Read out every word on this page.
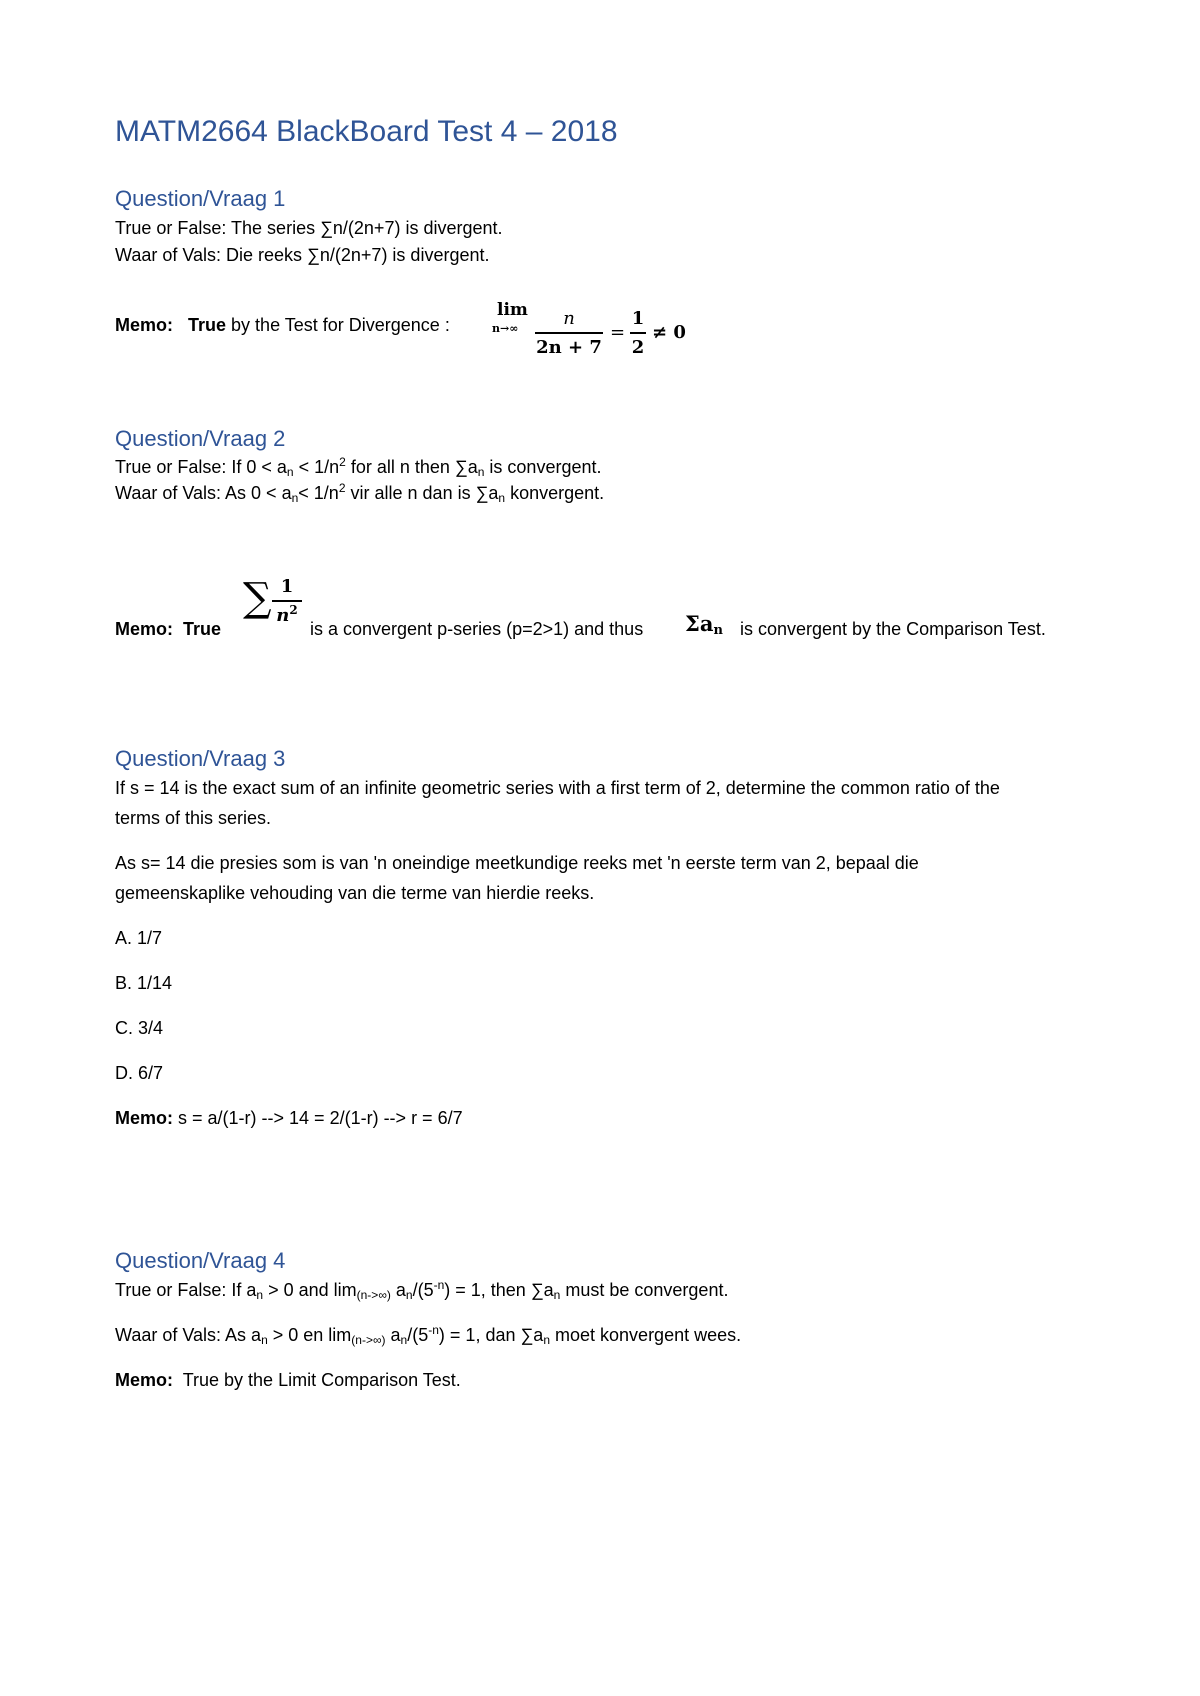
MATM2664 BlackBoard Test 4 – 2018
Question/Vraag 1
True or False: The series ∑n/(2n+7) is divergent.
Waar of Vals: Die reeks ∑n/(2n+7) is divergent.
Memo: True by the Test for Divergence :
lim
$n\to\infty \frac{n}{2n + 7} = \frac{1}{2} \ne 0$
Question/Vraag 2
True or False: If $0 < a_n < 1/n^2$ for all n then $\sum a_n$ is convergent.
Waar of Vals: As $0 < a_n< 1/n^2$ vir alle n dan is $\sum a_n$ konvergent.
Memo: True
∑ $\frac{1}{n^2}$
is a convergent p-series (p=2>1) and thus $\Sigma a_n$ is convergent by the Comparison Test.
Question/Vraag 3
If s = 14 is the exact sum of an infinite geometric series with a first term of 2, determine the common ratio of the
terms of this series.
As s= 14 die presies som is van 'n oneindige meetkundige reeks met 'n eerste term van 2, bepaal die
gemeenskaplike vehouding van die terme van hierdie reeks.
A. 1/7
B. 1/14
C. 3/4
D. 6/7
Memo: s = a/(1-r) --> 14 = 2/(1-r) --> r = 6/7
Question/Vraag 4
True or False: If $a_n > 0$ and $\lim_{(n->\infty)} a_n/(5^{-n}) = 1$, then $\sum a_n$ must be convergent.
Waar of Vals: As $a_n > 0$ en $\lim_{(n->\infty)} a_n/(5^{-n}) = 1$, dan $\sum a_n$ moet konvergent wees.
Memo: True by the Limit Comparison Test.
